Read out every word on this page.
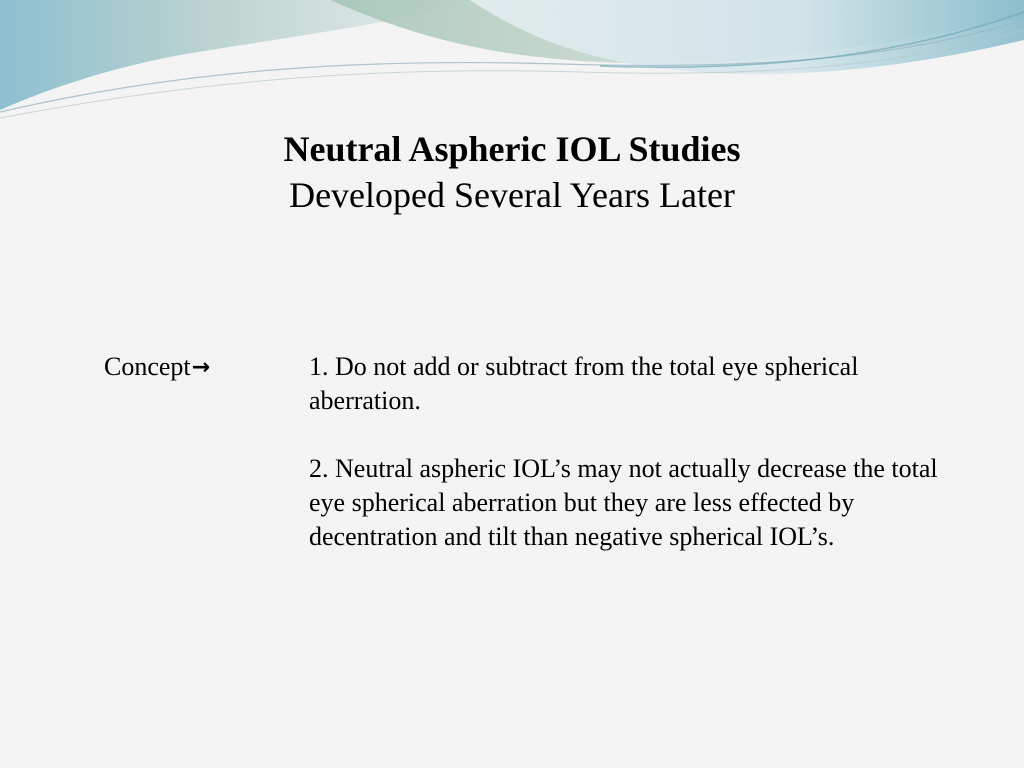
Neutral Aspheric IOL Studies

Developed Several Years Later

Concept→	1. Do not add or subtract from the total eye spherical aberration.

2. Neutral aspheric IOL’s may not actually decrease the total eye spherical aberration but they are less effected by decentration and tilt than negative spherical IOL’s.
